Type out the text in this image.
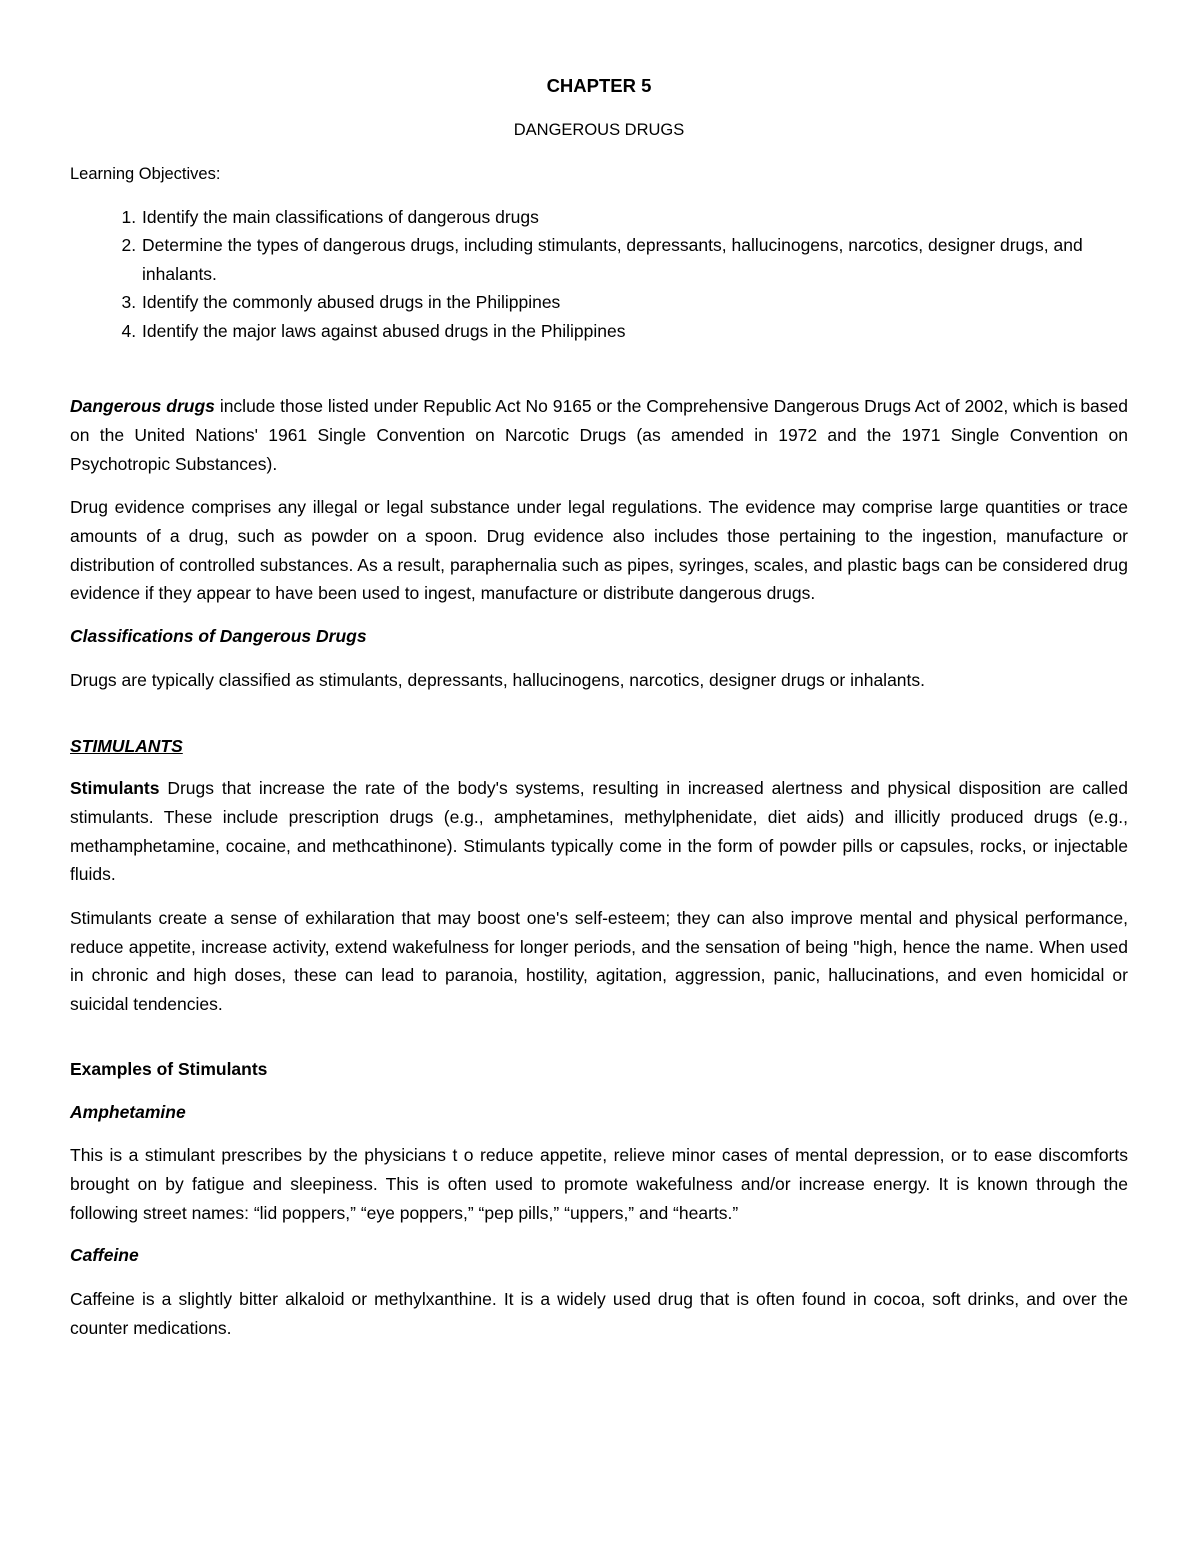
CHAPTER 5
DANGEROUS DRUGS
Learning Objectives:
1. Identify the main classifications of dangerous drugs
2. Determine the types of dangerous drugs, including stimulants, depressants, hallucinogens, narcotics, designer drugs, and inhalants.
3. Identify the commonly abused drugs in the Philippines
4. Identify the major laws against abused drugs in the Philippines

Dangerous drugs include those listed under Republic Act No 9165 or the Comprehensive Dangerous Drugs Act of 2002, which is based on the United Nations' 1961 Single Convention on Narcotic Drugs (as amended in 1972 and the 1971 Single Convention on Psychotropic Substances).

Drug evidence comprises any illegal or legal substance under legal regulations. The evidence may comprise large quantities or trace amounts of a drug, such as powder on a spoon. Drug evidence also includes those pertaining to the ingestion, manufacture or distribution of controlled substances. As a result, paraphernalia such as pipes, syringes, scales, and plastic bags can be considered drug evidence if they appear to have been used to ingest, manufacture or distribute dangerous drugs.

Classifications of Dangerous Drugs

Drugs are typically classified as stimulants, depressants, hallucinogens, narcotics, designer drugs or inhalants.

STIMULANTS

Stimulants Drugs that increase the rate of the body's systems, resulting in increased alertness and physical disposition are called stimulants. These include prescription drugs (e.g., amphetamines, methylphenidate, diet aids) and illicitly produced drugs (e.g., methamphetamine, cocaine, and methcathinone). Stimulants typically come in the form of powder pills or capsules, rocks, or injectable fluids.

Stimulants create a sense of exhilaration that may boost one's self-esteem; they can also improve mental and physical performance, reduce appetite, increase activity, extend wakefulness for longer periods, and the sensation of being "high, hence the name. When used in chronic and high doses, these can lead to paranoia, hostility, agitation, aggression, panic, hallucinations, and even homicidal or suicidal tendencies.

Examples of Stimulants
Amphetamine

This is a stimulant prescribes by the physicians t o reduce appetite, relieve minor cases of mental depression, or to ease discomforts brought on by fatigue and sleepiness. This is often used to promote wakefulness and/or increase energy. It is known through the following street names: “lid poppers,” “eye poppers,” “pep pills,” “uppers,” and “hearts.”

Caffeine

Caffeine is a slightly bitter alkaloid or methylxanthine. It is a widely used drug that is often found in cocoa, soft drinks, and over the counter medications.
